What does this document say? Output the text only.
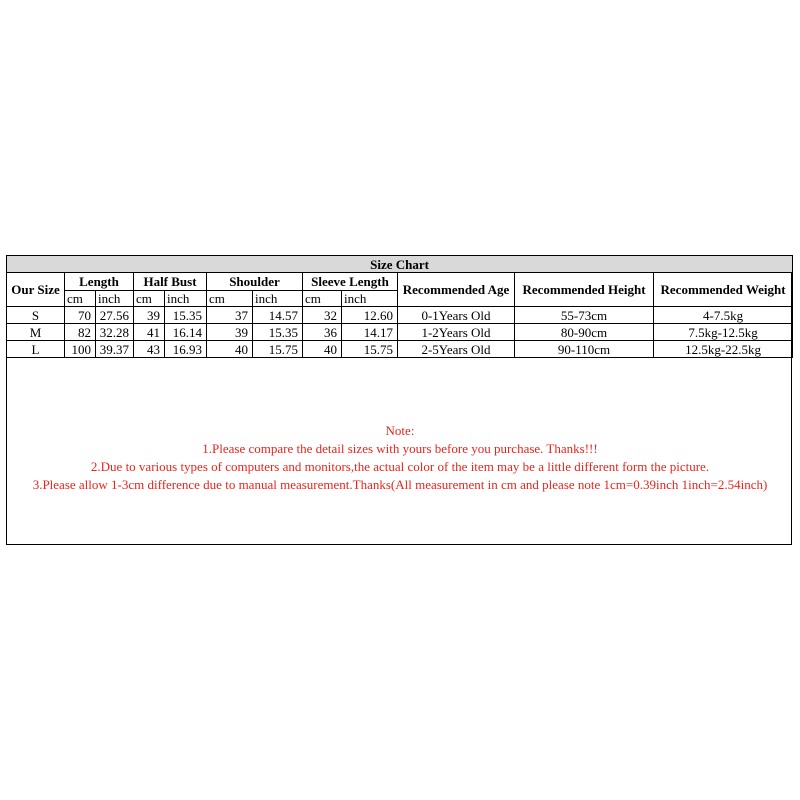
Size Chart											
Our Size	Length		Half Bust		Shoulder		Sleeve Length		Recommended Age	Recommended Height	Recommended Weight
	cm	inch	cm	inch	cm	inch	cm	inch			
S	70	27.56	39	15.35	37	14.57	32	12.60	0-1Years Old	55-73cm	4-7.5kg
M	82	32.28	41	16.14	39	15.35	36	14.17	1-2Years Old	80-90cm	7.5kg-12.5kg
L	100	39.37	43	16.93	40	15.75	40	15.75	2-5Years Old	90-110cm	12.5kg-22.5kg
Note:
1.Please compare the detail sizes with yours before you purchase. Thanks!!!
2.Due to various types of computers and monitors,the actual color of the item may be a little different form the picture.
3.Please allow 1-3cm difference due to manual measurement.Thanks(All measurement in cm and please note 1cm=0.39inch 1inch=2.54inch)
